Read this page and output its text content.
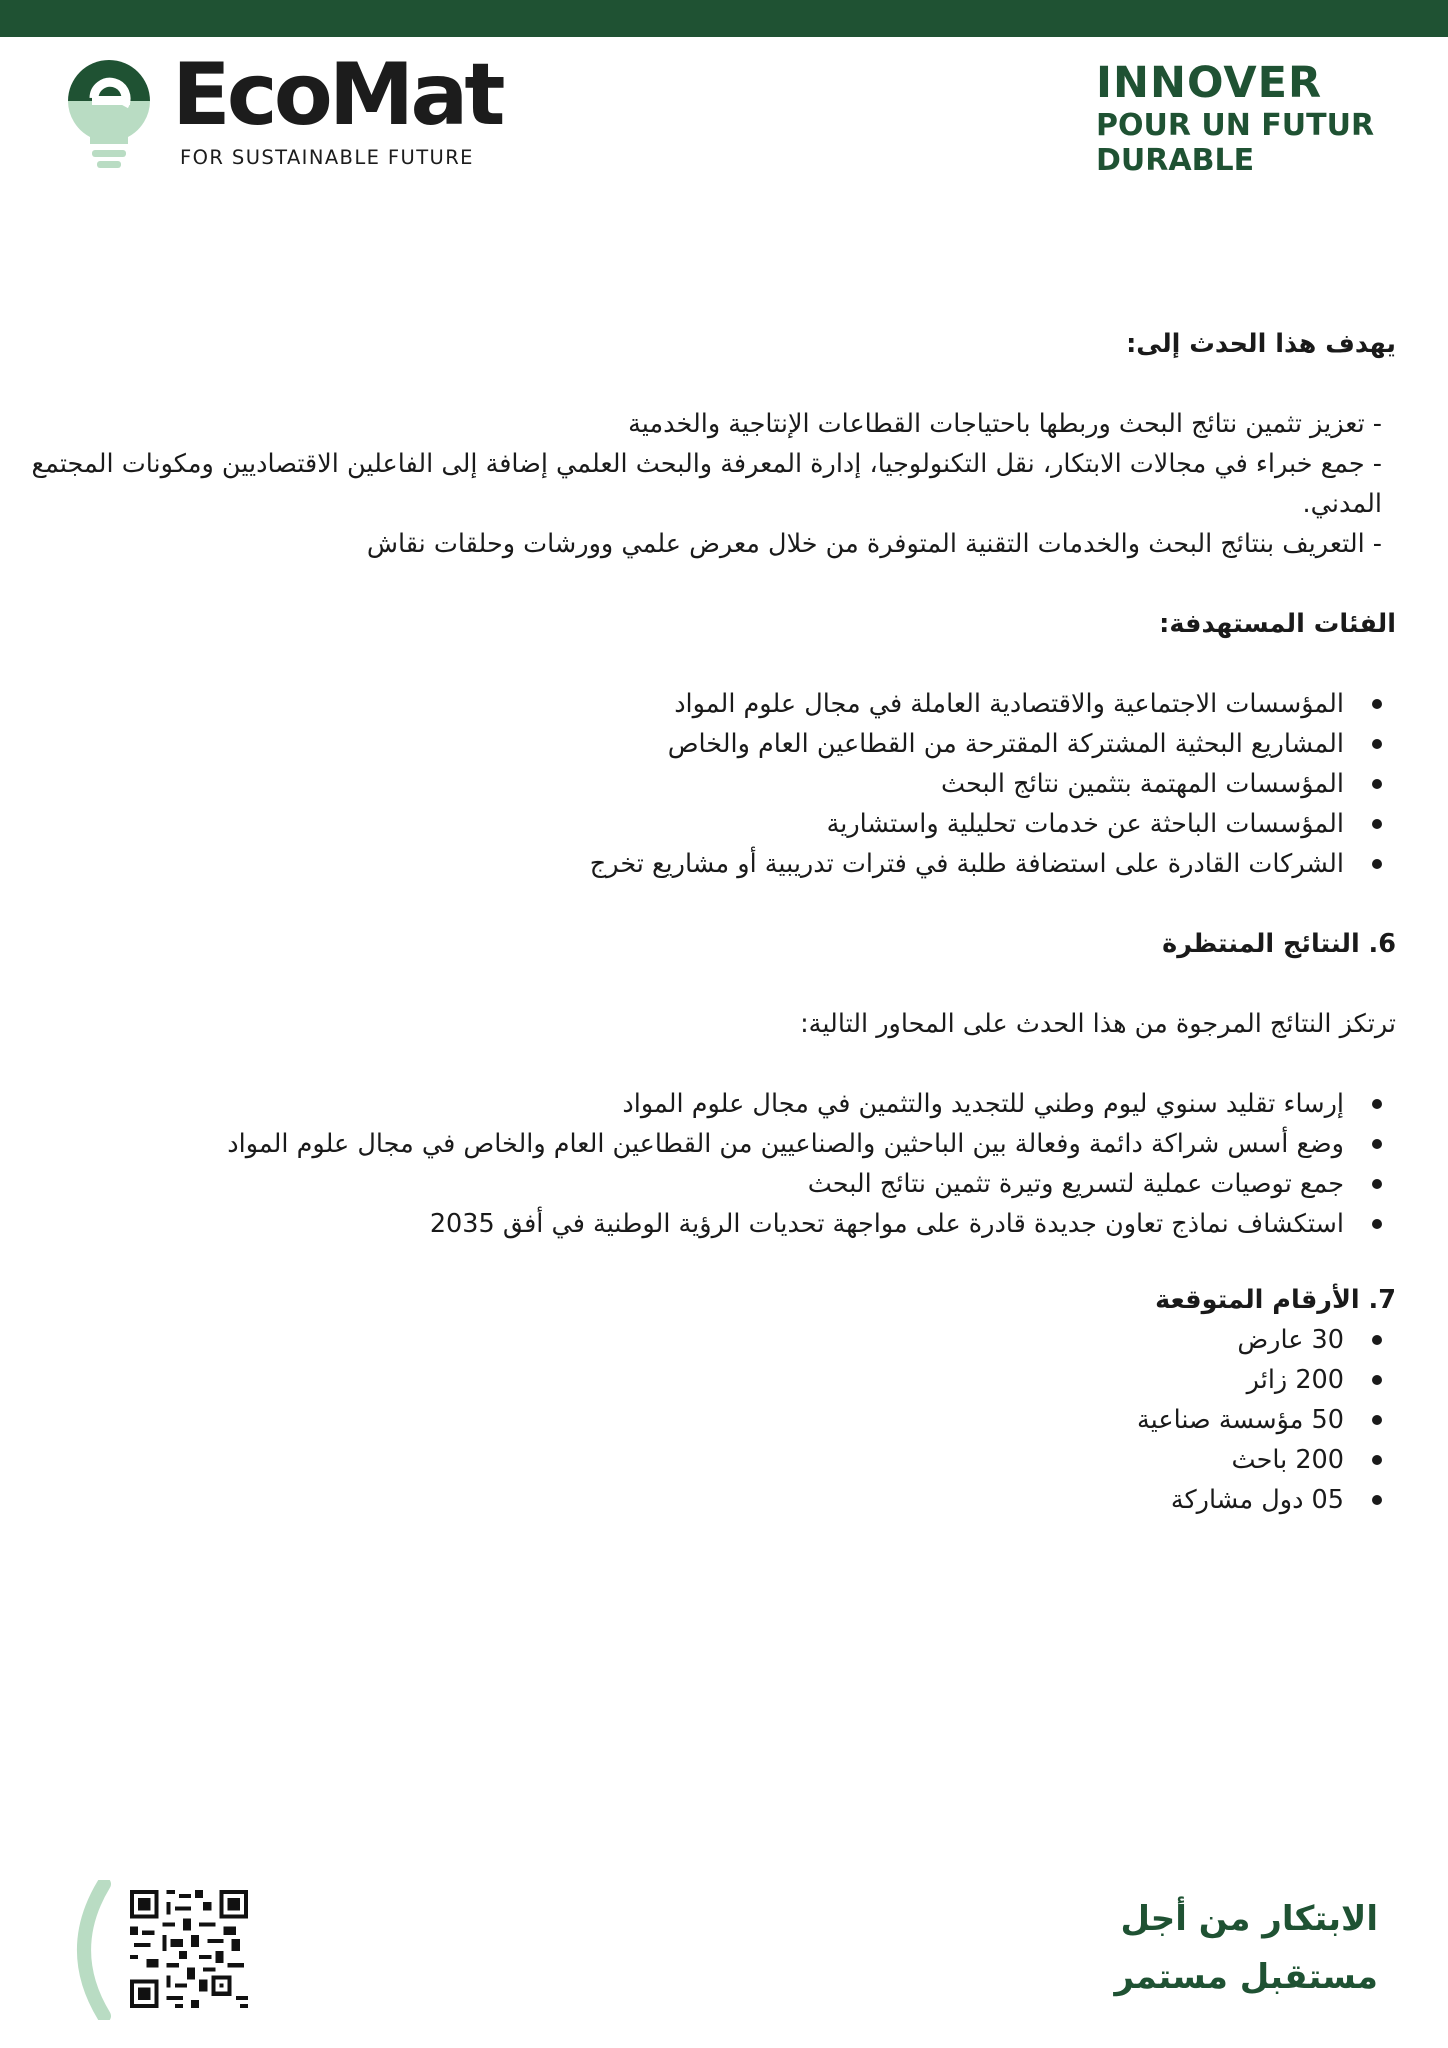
EcoMat
FOR SUSTAINABLE FUTURE
INNOVER
POUR UN FUTUR
DURABLE
يهدف هذا الحدث إلى:
- تعزيز تثمين نتائج البحث وربطها باحتياجات القطاعات الإنتاجية والخدمية
- جمع خبراء في مجالات الابتكار، نقل التكنولوجيا، إدارة المعرفة والبحث العلمي إضافة إلى الفاعلين الاقتصاديين ومكونات المجتمع المدني.
- التعريف بنتائج البحث والخدمات التقنية المتوفرة من خلال معرض علمي وورشات وحلقات نقاش
الفئات المستهدفة:
المؤسسات الاجتماعية والاقتصادية العاملة في مجال علوم المواد
المشاريع البحثية المشتركة المقترحة من القطاعين العام والخاص
المؤسسات المهتمة بتثمين نتائج البحث
المؤسسات الباحثة عن خدمات تحليلية واستشارية
الشركات القادرة على استضافة طلبة في فترات تدريبية أو مشاريع تخرج
6. النتائج المنتظرة

ترتكز النتائج المرجوة من هذا الحدث على المحاور التالية:

إرساء تقليد سنوي ليوم وطني للتجديد والتثمين في مجال علوم المواد
وضع أسس شراكة دائمة وفعالة بين الباحثين والصناعيين من القطاعين العام والخاص في مجال علوم المواد
جمع توصيات عملية لتسريع وتيرة تثمين نتائج البحث
استكشاف نماذج تعاون جديدة قادرة على مواجهة تحديات الرؤية الوطنية في أفق 2035
7. الأرقام المتوقعة
30 عارض
200 زائر
50 مؤسسة صناعية
200 باحث
05 دول مشاركة
الابتكار من أجل
مستقبل مستمر
